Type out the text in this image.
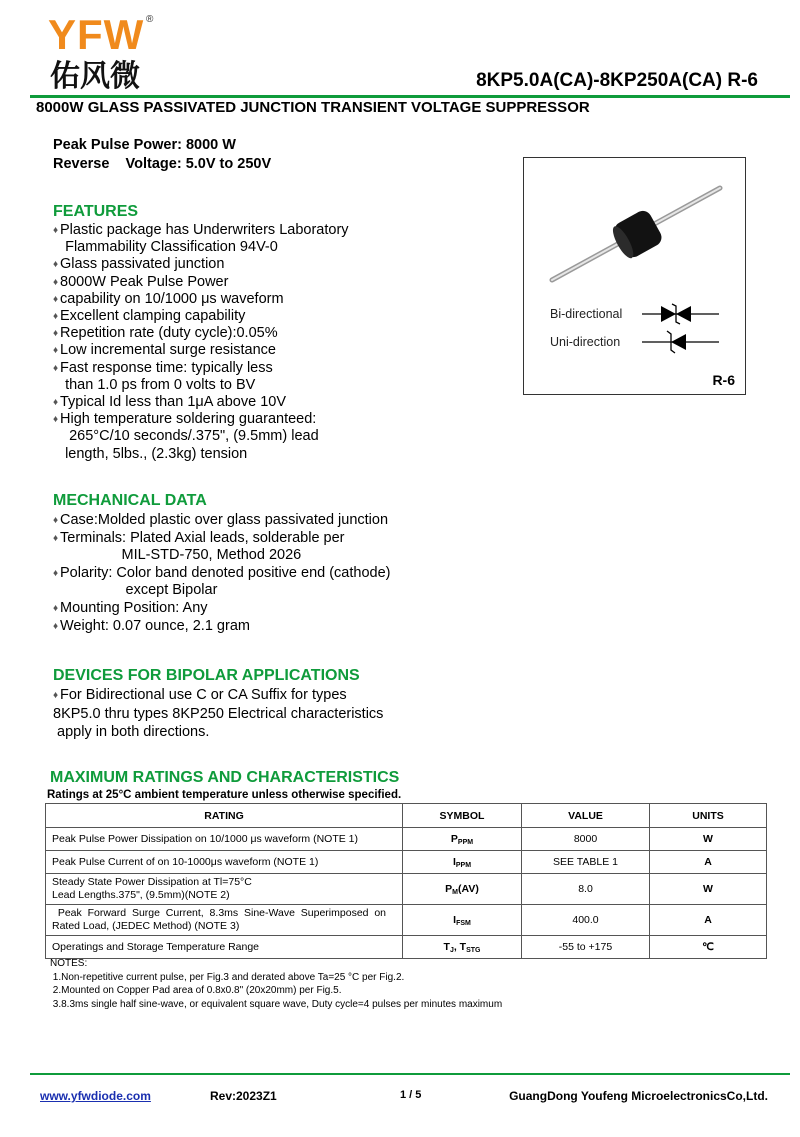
YFW ®
佑风微	8KP5.0A(CA)-8KP250A(CA) R-6
8000W GLASS PASSIVATED JUNCTION TRANSIENT VOLTAGE SUPPRESSOR
Peak Pulse Power: 8000 W
Reverse    Voltage: 5.0V to 250V
FEATURES
♦ Plastic package has Underwriters Laboratory
Flammability Classification 94V-0
♦ Glass passivated junction
♦ 8000W Peak Pulse Power
♦ capability on 10/1000 μs waveform
♦ Excellent clamping capability
♦ Repetition rate (duty cycle):0.05%
♦ Low incremental surge resistance
♦ Fast response time: typically less
than 1.0 ps from 0 volts to BV
♦ Typical Id less than 1μA above 10V
♦ High temperature soldering guaranteed:
265°C/10 seconds/.375", (9.5mm) lead
length, 5lbs., (2.3kg) tension
Bi-directional
Uni-direction
R-6
MECHANICAL DATA
♦ Case:Molded plastic over glass passivated junction
♦ Terminals: Plated Axial leads, solderable per
MIL-STD-750, Method 2026
♦ Polarity: Color band denoted positive end (cathode)
except Bipolar
♦ Mounting Position: Any
♦ Weight: 0.07 ounce, 2.1 gram
DEVICES FOR BIPOLAR APPLICATIONS
♦ For Bidirectional use C or CA Suffix for types
8KP5.0 thru types 8KP250 Electrical characteristics
apply in both directions.
MAXIMUM RATINGS AND CHARACTERISTICS
Ratings at 25°C ambient temperature unless otherwise specified.
RATING	SYMBOL	VALUE	UNITS
Peak Pulse Power Dissipation on 10/1000 μs waveform (NOTE 1)	$P_{PPM}$	8000	W
Peak Pulse Current of on 10-1000μs waveform (NOTE 1)	$I_{PPM}$	SEE TABLE 1	A

Steady State Power Dissipation at Tl=75°C
Lead Lengths.375", (9.5mm)(NOTE 2)	$P_M(AV)$	8.0	W

Peak  Forward  Surge  Current,  8.3ms  Sine-Wave  Superimposed  on
Rated Load, (JEDEC Method) (NOTE 3)	$I_{FSM}$	400.0	A
Operatings and Storage Temperature Range	$T_J$, $T_{STG}$	-55 to +175	℃
NOTES:
1.Non-repetitive current pulse, per Fig.3 and derated above Ta=25 °C per Fig.2.
2.Mounted on Copper Pad area of 0.8x0.8" (20x20mm) per Fig.5.
3.8.3ms single half sine-wave, or equivalent square wave, Duty cycle=4 pulses per minutes maximum
www.yfwdiode.com	Rev:2023Z1	1 / 5	GuangDong Youfeng MicroelectronicsCo,Ltd.
